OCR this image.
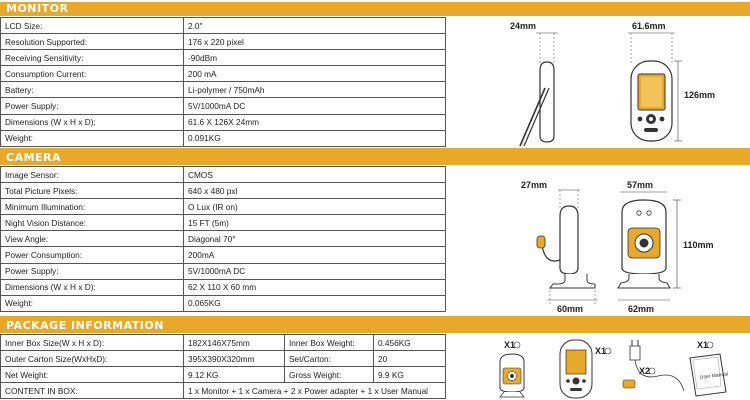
MONITOR
LCD Size:	2.0"
Resolution Supported:	176 x 220 pixel
Receiving Sensitivity:	-90dBm
Consumption Current:	200 mA
Battery:	Li-polymer / 750mAh
Power Supply:	5V/1000mA DC
Dimensions (W x H x D):	61.6 X 126X 24mm
Weight:	0.091KG
24mm	61.6mm
126mm
CAMERA
Image Sensor:	CMOS
Total Picture Pixels:	640 x 480 pxl
Minimum Illumination:	O Lux (IR on)
Night Vision Distance:	15 FT (5m)
View Angle:	Diagonal 70°
Power Consumption:	200mA
Power Supply:	5V/1000mA DC
Dimensions (W x H x D):	62 X 110 X 60 mm
Weight:	0.065KG
27mm
60mm
57mm
62mm
110mm
PACKAGE INFORMATION
Inner Box Size(W x H x D):	182X146X75mm	Inner Box Weight:	0.456KG
Outer Carton Size(WxHxD):	395X390X320mm	Set/Carton:	20
Net Weight:	9.12 KG	Gross Weight:	9.9 KG
CONTENT IN BOX:	1 x Monitor + 1 x Camera + 2 x Power adapter + 1 x User Manual		
X1
X1
X2
X1
User Manual
